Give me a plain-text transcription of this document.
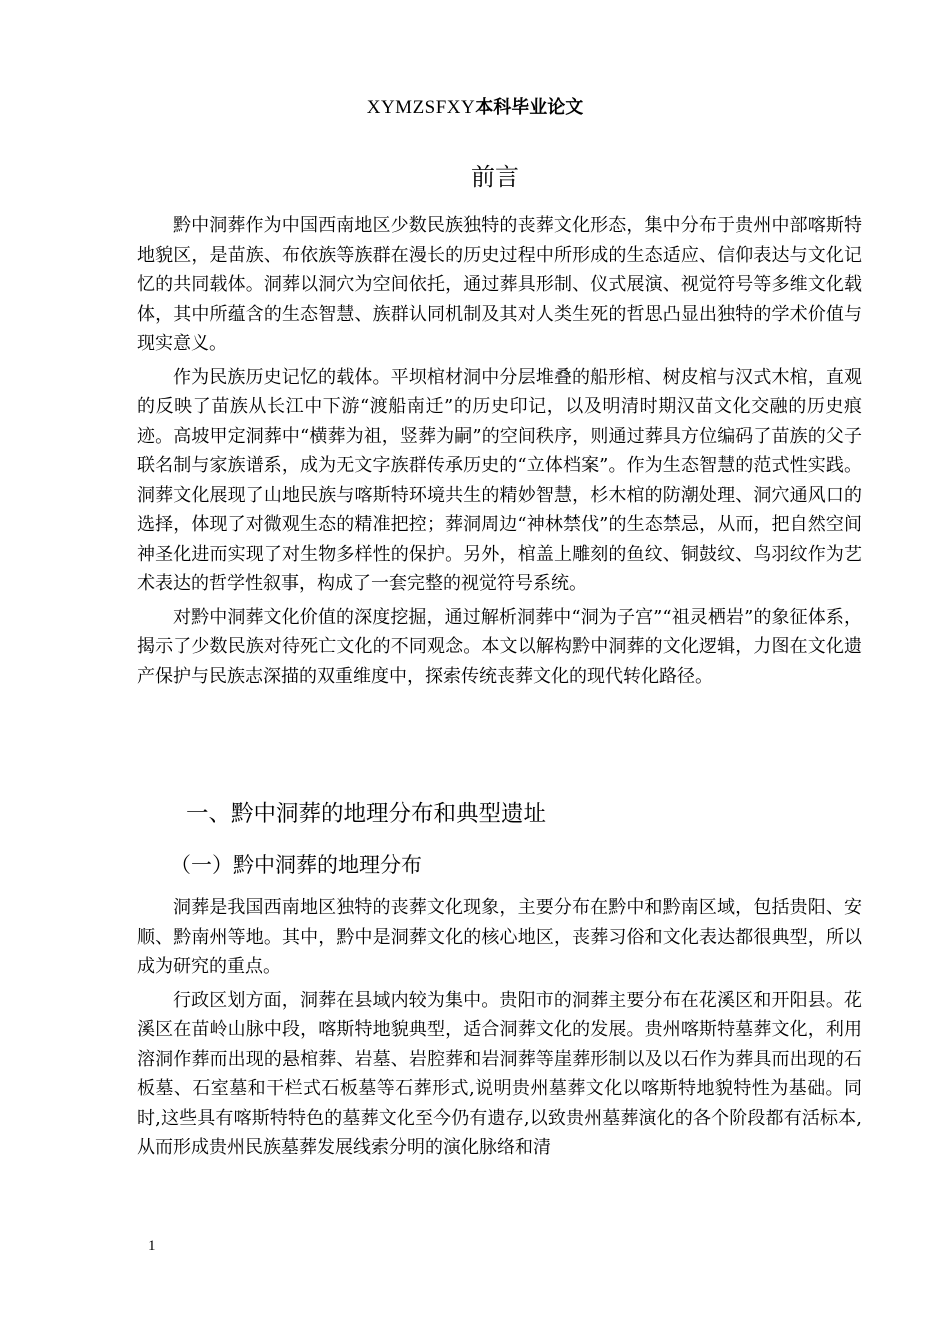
XYMZSFXY本科毕业论文
前言

黔中洞葬作为中国西南地区少数民族独特的丧葬文化形态，集中分布于贵州中部喀斯特地貌区，是苗族、布依族等族群在漫长的历史过程中所形成的生态适应、信仰表达与文化记忆的共同载体。洞葬以洞穴为空间依托，通过葬具形制、仪式展演、视觉符号等多维文化载体，其中所蕴含的生态智慧、族群认同机制及其对人类生死的哲思凸显出独特的学术价值与现实意义。

作为民族历史记忆的载体。平坝棺材洞中分层堆叠的船形棺、树皮棺与汉式木棺，直观的反映了苗族从长江中下游“渡船南迁”的历史印记，以及明清时期汉苗文化交融的历史痕迹。高坡甲定洞葬中“横葬为祖，竖葬为嗣”的空间秩序，则通过葬具方位编码了苗族的父子联名制与家族谱系，成为无文字族群传承历史的“立体档案”。作为生态智慧的范式性实践。洞葬文化展现了山地民族与喀斯特环境共生的精妙智慧，杉木棺的防潮处理、洞穴通风口的选择，体现了对微观生态的精准把控；葬洞周边“神林禁伐”的生态禁忌，从而，把自然空间神圣化进而实现了对生物多样性的保护。另外，棺盖上雕刻的鱼纹、铜鼓纹、鸟羽纹作为艺术表达的哲学性叙事，构成了一套完整的视觉符号系统。

对黔中洞葬文化价值的深度挖掘，通过解析洞葬中“洞为子宫”“祖灵栖岩”的象征体系，揭示了少数民族对待死亡文化的不同观念。本文以解构黔中洞葬的文化逻辑，力图在文化遗产保护与民族志深描的双重维度中，探索传统丧葬文化的现代转化路径。

一、黔中洞葬的地理分布和典型遗址
（一）黔中洞葬的地理分布

洞葬是我国西南地区独特的丧葬文化现象，主要分布在黔中和黔南区域，包括贵阳、安顺、黔南州等地。其中，黔中是洞葬文化的核心地区，丧葬习俗和文化表达都很典型，所以成为研究的重点。

行政区划方面，洞葬在县域内较为集中。贵阳市的洞葬主要分布在花溪区和开阳县。花溪区在苗岭山脉中段，喀斯特地貌典型，适合洞葬文化的发展。贵州喀斯特墓葬文化，利用溶洞作葬而出现的悬棺葬、岩墓、岩腔葬和岩洞葬等崖葬形制以及以石作为葬具而出现的石板墓、石室墓和干栏式石板墓等石葬形式,说明贵州墓葬文化以喀斯特地貌特性为基础。同时,这些具有喀斯特特色的墓葬文化至今仍有遗存,以致贵州墓葬演化的各个阶段都有活标本,从而形成贵州民族墓葬发展线索分明的演化脉络和清

1
